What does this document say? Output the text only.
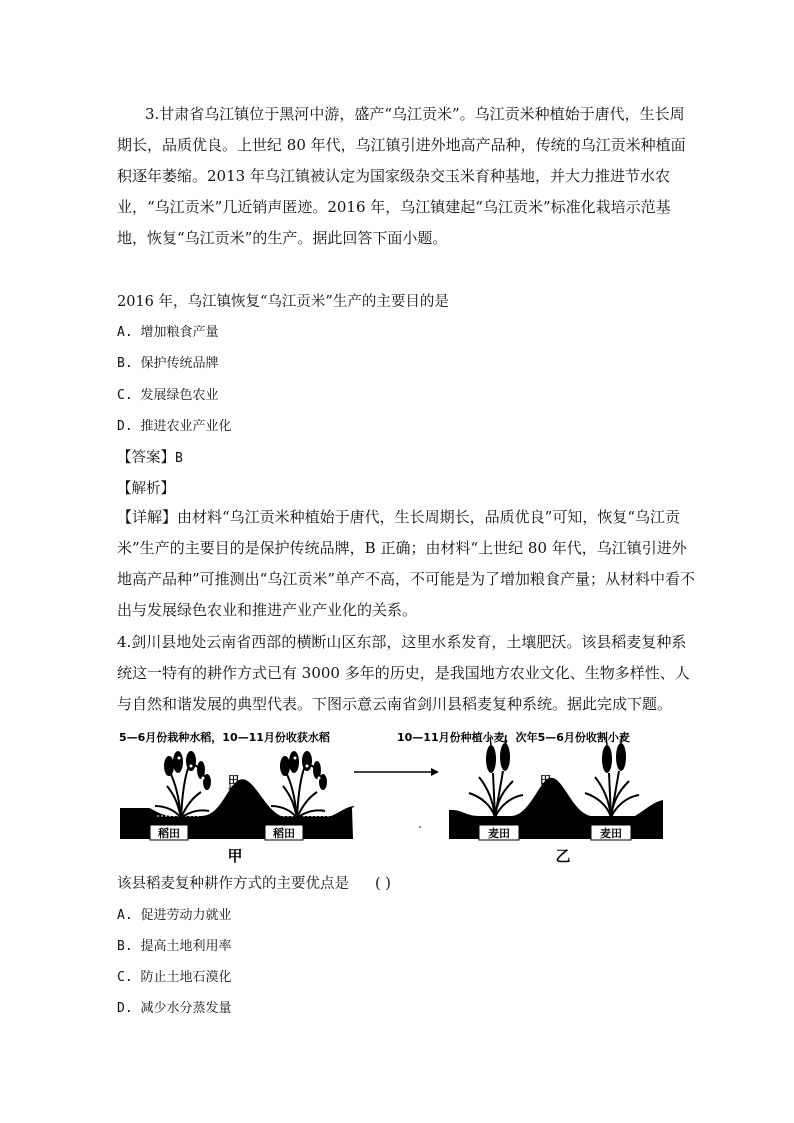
3.甘肃省乌江镇位于黑河中游，盛产“乌江贡米”。乌江贡米种植始于唐代，生长周期长，品质优良。上世纪 80 年代，乌江镇引进外地高产品种，传统的乌江贡米种植面积逐年萎缩。2013 年乌江镇被认定为国家级杂交玉米育种基地，并大力推进节水农业，“乌江贡米”几近销声匿迹。2016 年，乌江镇建起“乌江贡米”标准化栽培示范基地，恢复“乌江贡米”的生产。据此回答下面小题。

2016 年，乌江镇恢复“乌江贡米”生产的主要目的是

A. 增加粮食产量

B. 保护传统品牌

C. 发展绿色农业

D. 推进农业产业化

【答案】B

【解析】

【详解】由材料“乌江贡米种植始于唐代，生长周期长，品质优良”可知，恢复“乌江贡米”生产的主要目的是保护传统品牌，B 正确；由材料“上世纪 80 年代，乌江镇引进外地高产品种”可推测出“乌江贡米”单产不高，不可能是为了增加粮食产量；从材料中看不出与发展绿色农业和推进产业产业化的关系。

4.剑川县地处云南省西部的横断山区东部，这里水系发育，土壤肥沃。该县稻麦复种系统这一特有的耕作方式已有 3000 多年的历史，是我国地方农业文化、生物多样性、人与自然和谐发展的典型代表。下图示意云南省剑川县稻麦复种系统。据此完成下题。

5—6月份栽种水稻，10—11月份收获水稻
稻田	稻田
田埂
甲
10—11月份种植小麦，次年5—6月份收割小麦
麦田	麦田
田埂
乙

该县稻麦复种耕作方式的主要优点是 ( )

A. 促进劳动力就业

B. 提高土地利用率

C. 防止土地石漠化

D. 减少水分蒸发量
